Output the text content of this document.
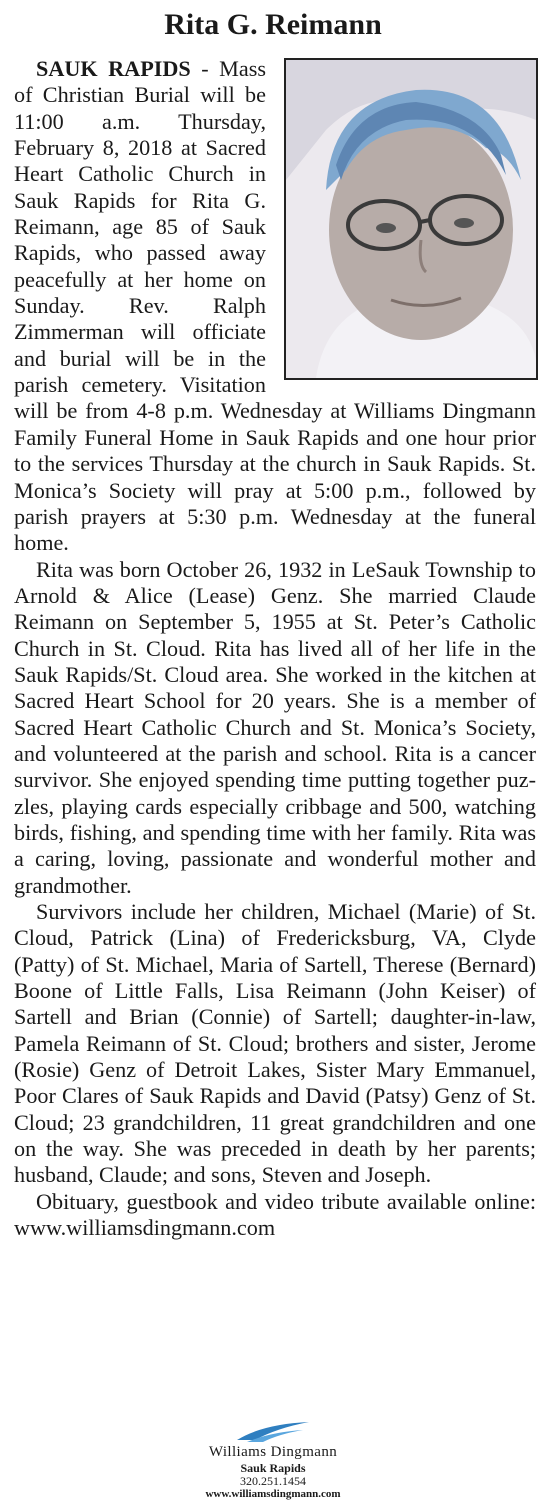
Rita G. Reimann

SAUK RAPIDS - Mass of Christian Burial will be 11:00 a.m. Thursday, February 8, 2018 at Sacred Heart Catholic Church in Sauk Rapids for Rita G. Reimann, age 85 of Sauk Rapids, who passed away peacefully at her home on Sunday. Rev. Ralph Zimmerman will officiate and burial will be in the parish cemetery. Visitation will be from 4-8 p.m. Wednesday at Williams Dingmann Family Funeral Home in Sauk Rapids and one hour prior to the services Thursday at the church in Sauk Rapids. St. Monica’s Society will pray at 5:00 p.m., followed by parish prayers at 5:30 p.m. Wednesday at the funeral home.

Rita was born October 26, 1932 in LeSauk Township to Arnold & Alice (Lease) Genz. She married Claude Reimann on September 5, 1955 at St. Peter’s Catholic Church in St. Cloud. Rita has lived all of her life in the Sauk Rapids/St. Cloud area. She worked in the kitchen at Sacred Heart School for 20 years. She is a member of Sacred Heart Catholic Church and St. Monica’s Society, and volunteered at the parish and school. Rita is a cancer survivor. She enjoyed spending time putting together puzzles, playing cards especially cribbage and 500, watching birds, fishing, and spending time with her family. Rita was a caring, loving, passionate and wonderful mother and grandmother.

Survivors include her children, Michael (Marie) of St. Cloud, Patrick (Lina) of Fredericksburg, VA, Clyde (Patty) of St. Michael, Maria of Sartell, Therese (Bernard) Boone of Little Falls, Lisa Reimann (John Keiser) of Sartell and Brian (Connie) of Sartell; daughter-in-law, Pamela Reimann of St. Cloud; brothers and sister, Jerome (Rosie) Genz of Detroit Lakes, Sister Mary Emmanuel, Poor Clares of Sauk Rapids and David (Patsy) Genz of St. Cloud; 23 grandchildren, 11 great grandchildren and one on the way. She was preceded in death by her parents; husband, Claude; and sons, Steven and Joseph.

Obituary, guestbook and video tribute available online: www.williamsdingmann.com

Williams Dingmann
Sauk Rapids
320.251.1454
www.williamsdingmann.com
